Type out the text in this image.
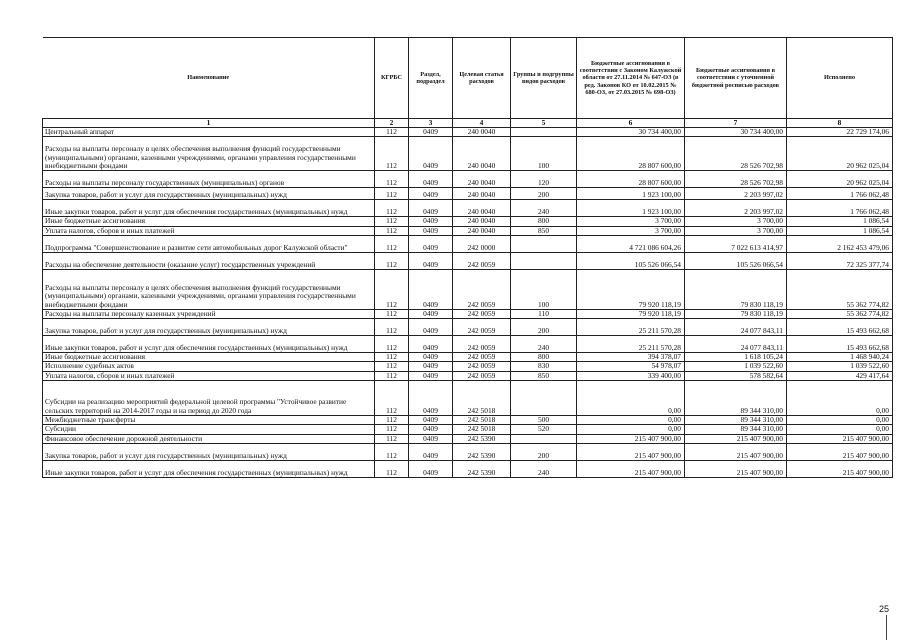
Наименование	КГРБС	Раздел, подраздел	Целевая статья расходов	Группы и подгруппы видов расходов	Бюджетные ассигнования в соответствии с Законом Калужской области от 27.11.2014 № 647-ОЗ (в ред. Законов КО от 10.02.2015 № 680-ОЗ, от 27.03.2015 № 698-ОЗ)	Бюджетные ассигнования в соответствии с уточненной бюджетной росписью расходов	Исполнено
1	2	3	4	5	6	7	8
Центральный аппарат	112	0409	240 0040		30 734 400,00	30 734 400,00	22 729 174,06
Расходы на выплаты персоналу в целях обеспечения выполнения функций государственными (муниципальными) органами, казенными учреждениями, органами управления государственными внебюджетными фондами	112	0409	240 0040	100	28 807 600,00	28 526 702,98	20 962 025,04
Расходы на выплаты персоналу государственных (муниципальных) органов	112	0409	240 0040	120	28 807 600,00	28 526 702,98	20 962 025,04
Закупка товаров, работ и услуг для государственных (муниципальных) нужд	112	0409	240 0040	200	1 923 100,00	2 203 997,02	1 766 062,48
Иные закупки товаров, работ и услуг для обеспечения государственных (муниципальных) нужд	112	0409	240 0040	240	1 923 100,00	2 203 997,02	1 766 062,48
Иные бюджетные ассигнования	112	0409	240 0040	800	3 700,00	3 700,00	1 086,54
Уплата налогов, сборов и иных платежей	112	0409	240 0040	850	3 700,00	3 700,00	1 086,54
Подпрограмма "Совершенствование и развитие сети автомобильных дорог Калужской области"	112	0409	242 0000		4 721 086 604,26	7 022 613 414,97	2 162 453 479,06
Расходы на обеспечение деятельности (оказание услуг) государственных учреждений	112	0409	242 0059		105 526 066,54	105 526 066,54	72 325 377,74
Расходы на выплаты персоналу в целях обеспечения выполнения функций государственными (муниципальными) органами, казенными учреждениями, органами управления государственными внебюджетными фондами	112	0409	242 0059	100	79 920 118,19	79 830 118,19	55 362 774,82
Расходы на выплаты персоналу казенных учреждений	112	0409	242 0059	110	79 920 118,19	79 830 118,19	55 362 774,82
Закупка товаров, работ и услуг для государственных (муниципальных) нужд	112	0409	242 0059	200	25 211 570,28	24 077 843,11	15 493 662,68
Иные закупки товаров, работ и услуг для обеспечения государственных (муниципальных) нужд	112	0409	242 0059	240	25 211 570,28	24 077 843,11	15 493 662,68
Иные бюджетные ассигнования	112	0409	242 0059	800	394 378,07	1 618 105,24	1 468 940,24
Исполнение судебных актов	112	0409	242 0059	830	54 978,07	1 039 522,60	1 039 522,60
Уплата налогов, сборов и иных платежей	112	0409	242 0059	850	339 400,00	578 582,64	429 417,64
Субсидии на реализацию мероприятий федеральной целевой программы "Устойчивое развитие сельских территорий на 2014-2017 годы и на период до 2020 года	112	0409	242 5018		0,00	89 344 310,00	0,00
Межбюджетные трансферты	112	0409	242 5018	500	0,00	89 344 310,00	0,00
Субсидии	112	0409	242 5018	520	0,00	89 344 310,00	0,00
Финансовое обеспечение дорожной деятельности	112	0409	242 5390		215 407 900,00	215 407 900,00	215 407 900,00
Закупка товаров, работ и услуг для государственных (муниципальных) нужд	112	0409	242 5390	200	215 407 900,00	215 407 900,00	215 407 900,00
Иные закупки товаров, работ и услуг для обеспечения государственных (муниципальных) нужд	112	0409	242 5390	240	215 407 900,00	215 407 900,00	215 407 900,00
25
